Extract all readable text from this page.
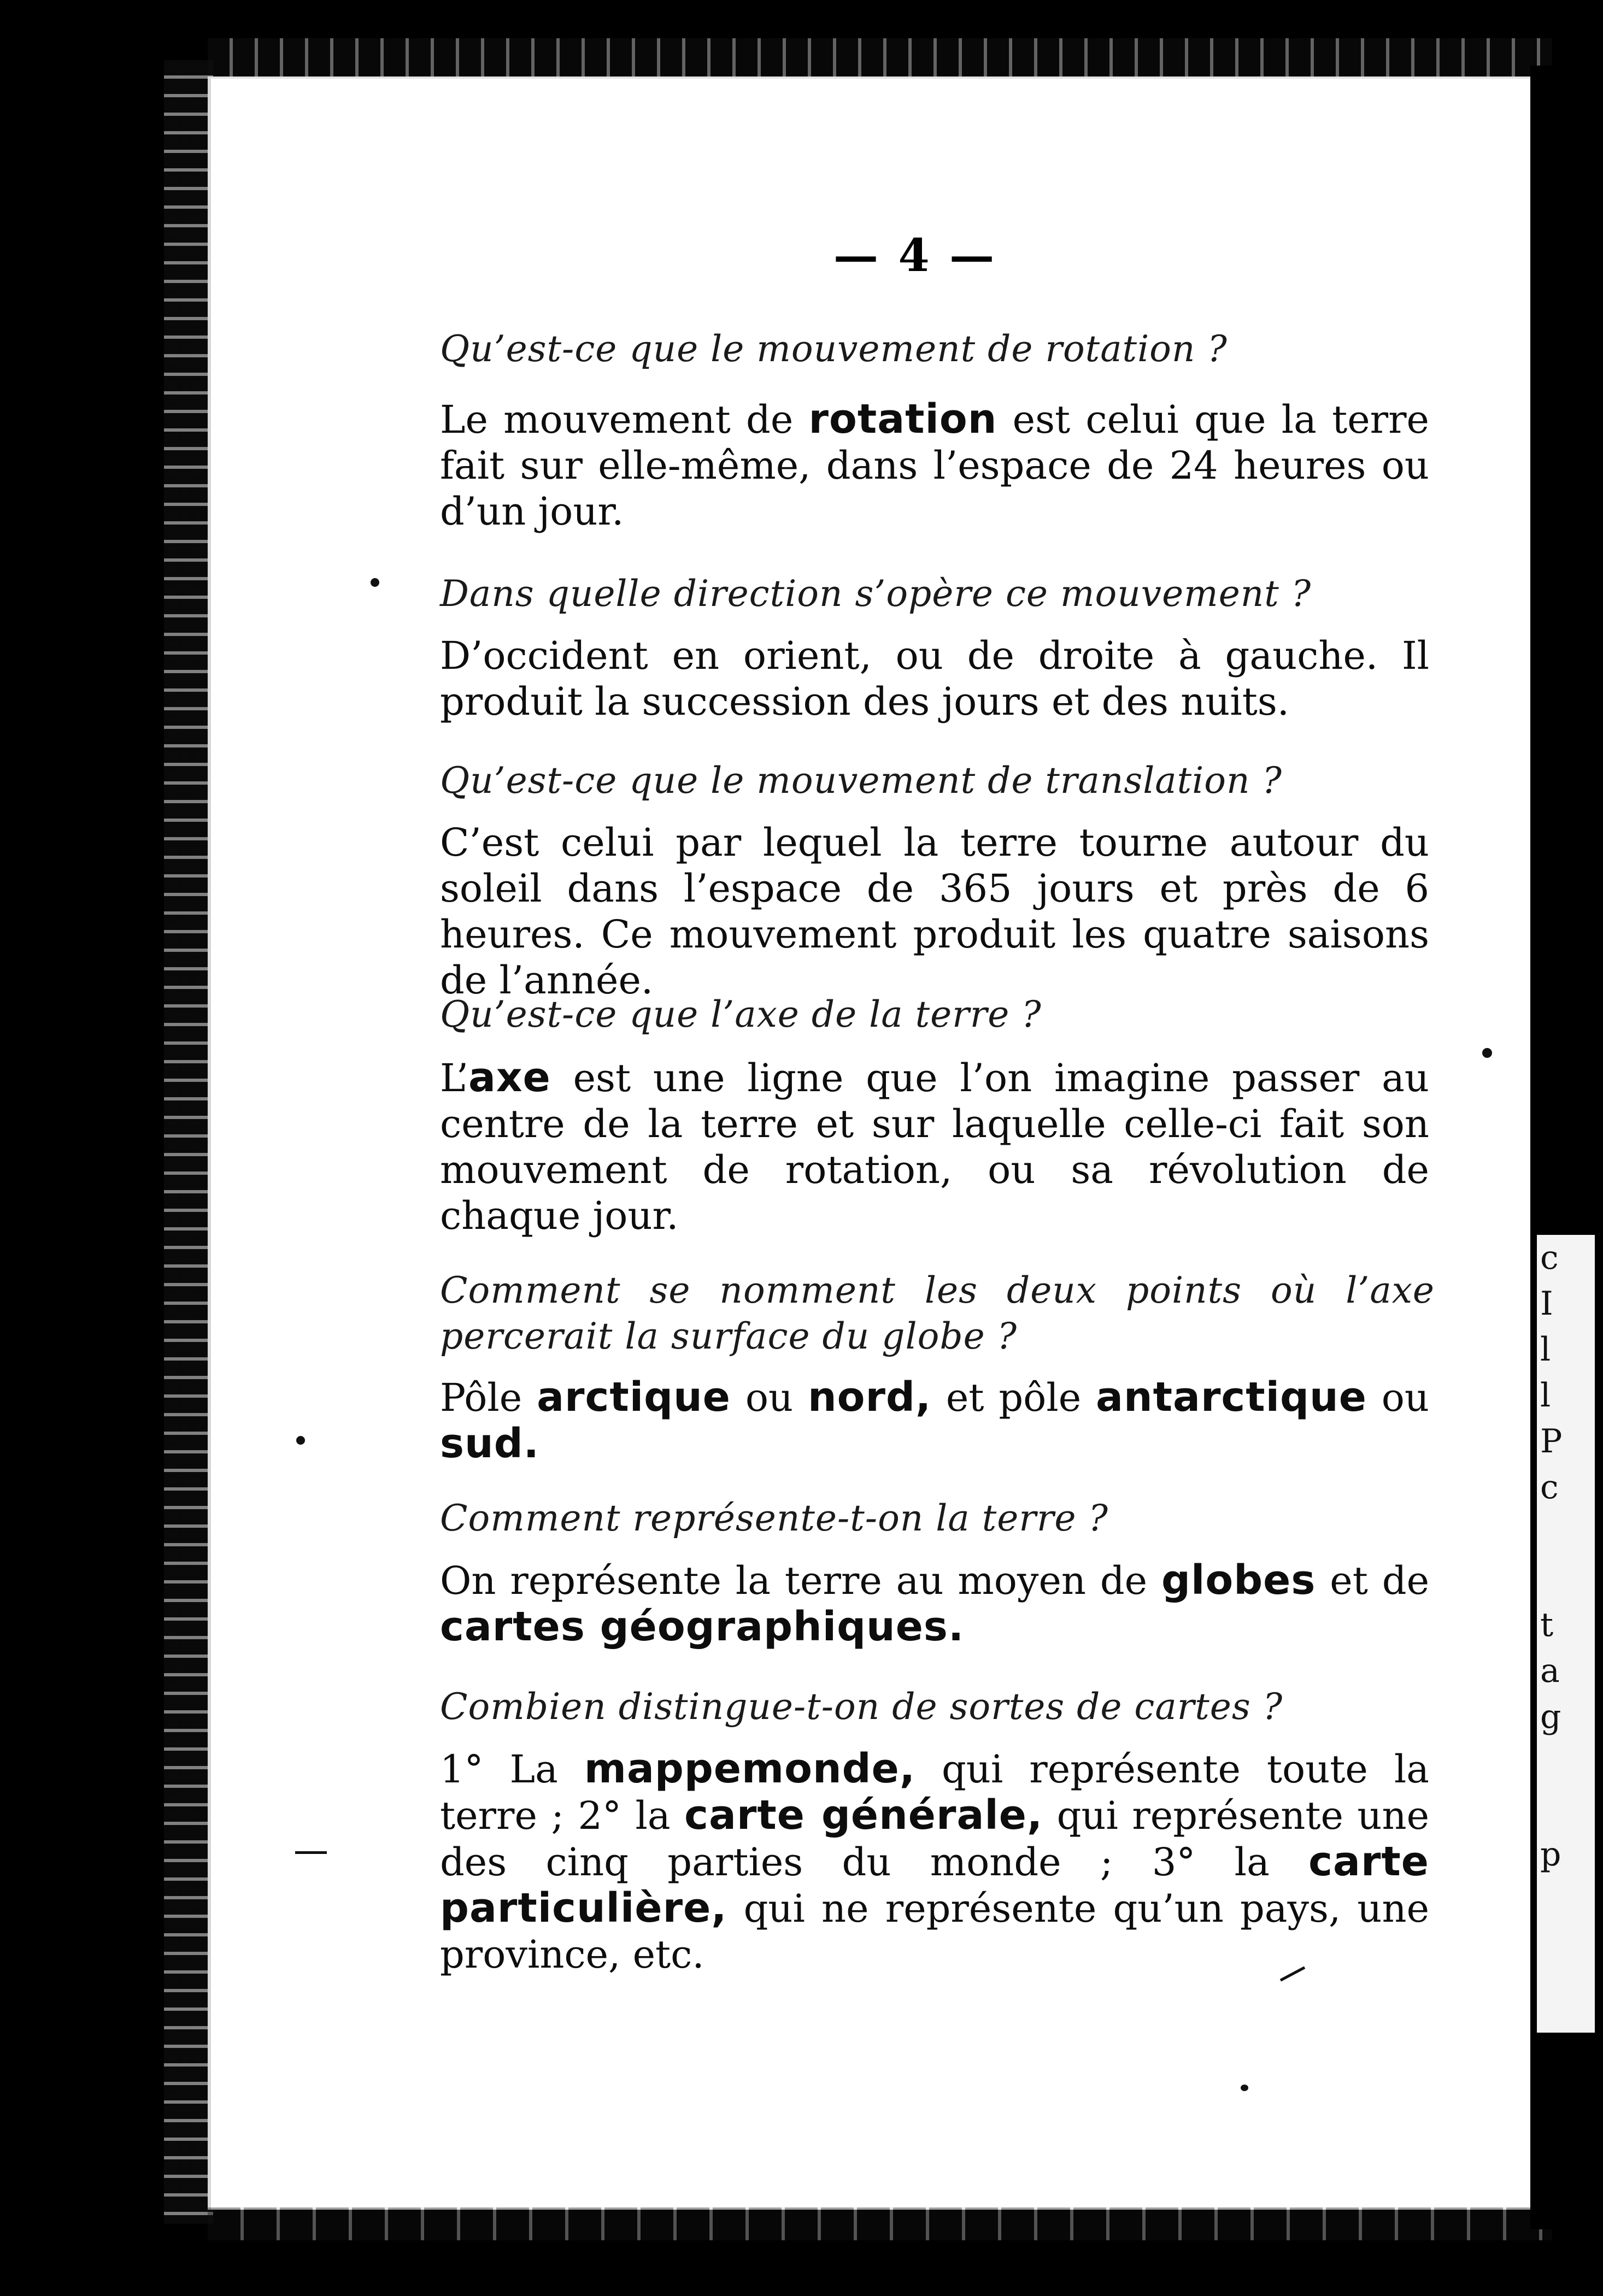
c
I
l
l
P
c

t
a
g

p
— 4 —
Qu’est-ce que le mouvement de rotation ?
Le mouvement de rotation est celui que la terre fait sur elle-même, dans l’espace de 24 heures ou d’un jour.
Dans quelle direction s’opère ce mouvement ?
D’occident en orient, ou de droite à gauche. Il produit la succession des jours et des nuits.
Qu’est-ce que le mouvement de translation ?
C’est celui par lequel la terre tourne autour du soleil dans l’espace de 365 jours et près de 6 heures. Ce mouvement produit les quatre saisons de l’année.
Qu’est-ce que l’axe de la terre ?
L’axe est une ligne que l’on imagine passer au centre de la terre et sur laquelle celle-ci fait son mouvement de rotation, ou sa révolution de chaque jour.
Comment se nomment les deux points où l’axe percerait la surface du globe ?
Pôle arctique ou nord, et pôle antarctique ou sud.
Comment représente-t-on la terre ?
On représente la terre au moyen de globes et de cartes géographiques.
Combien distingue-t-on de sortes de cartes ?
1° La mappemonde, qui représente toute la terre ; 2° la carte générale, qui représente une des cinq parties du monde ; 3° la carte particulière, qui ne représente qu’un pays, une province, etc.
